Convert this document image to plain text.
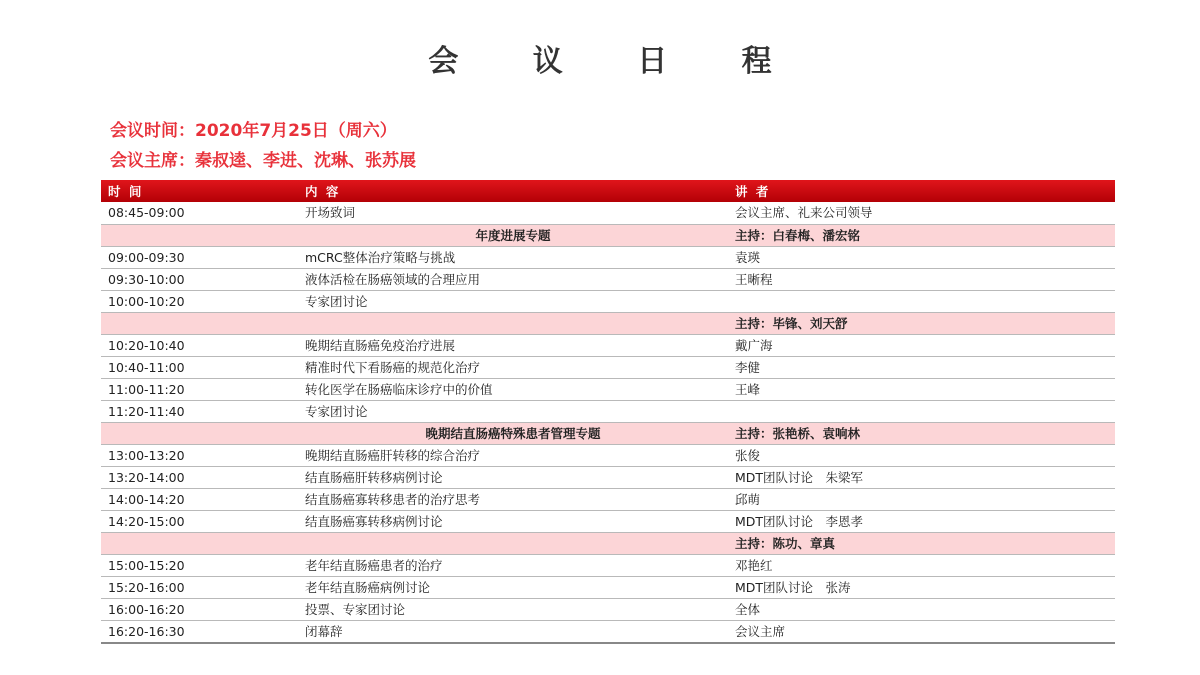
会 议 日 程
会议时间：2020年7月25日（周六）
会议主席：秦叔逵、李进、沈琳、张苏展
时 间	内 容	讲 者
08:45-09:00	开场致词	会议主席、礼来公司领导
	年度进展专题	主持：白春梅、潘宏铭
09:00-09:30	mCRC整体治疗策略与挑战	袁瑛
09:30-10:00	液体活检在肠癌领域的合理应用	王晰程
10:00-10:20	专家团讨论	
		主持：毕锋、刘天舒
10:20-10:40	晚期结直肠癌免疫治疗进展	戴广海
10:40-11:00	精准时代下看肠癌的规范化治疗	李健
11:00-11:20	转化医学在肠癌临床诊疗中的价值	王峰
11:20-11:40	专家团讨论	
	晚期结直肠癌特殊患者管理专题	主持：张艳桥、袁响林
13:00-13:20	晚期结直肠癌肝转移的综合治疗	张俊
13:20-14:00	结直肠癌肝转移病例讨论	MDT团队讨论　朱梁军
14:00-14:20	结直肠癌寡转移患者的治疗思考	邱萌
14:20-15:00	结直肠癌寡转移病例讨论	MDT团队讨论　李恩孝
		主持：陈功、章真
15:00-15:20	老年结直肠癌患者的治疗	邓艳红
15:20-16:00	老年结直肠癌病例讨论	MDT团队讨论　张涛
16:00-16:20	投票、专家团讨论	全体
16:20-16:30	闭幕辞	会议主席
